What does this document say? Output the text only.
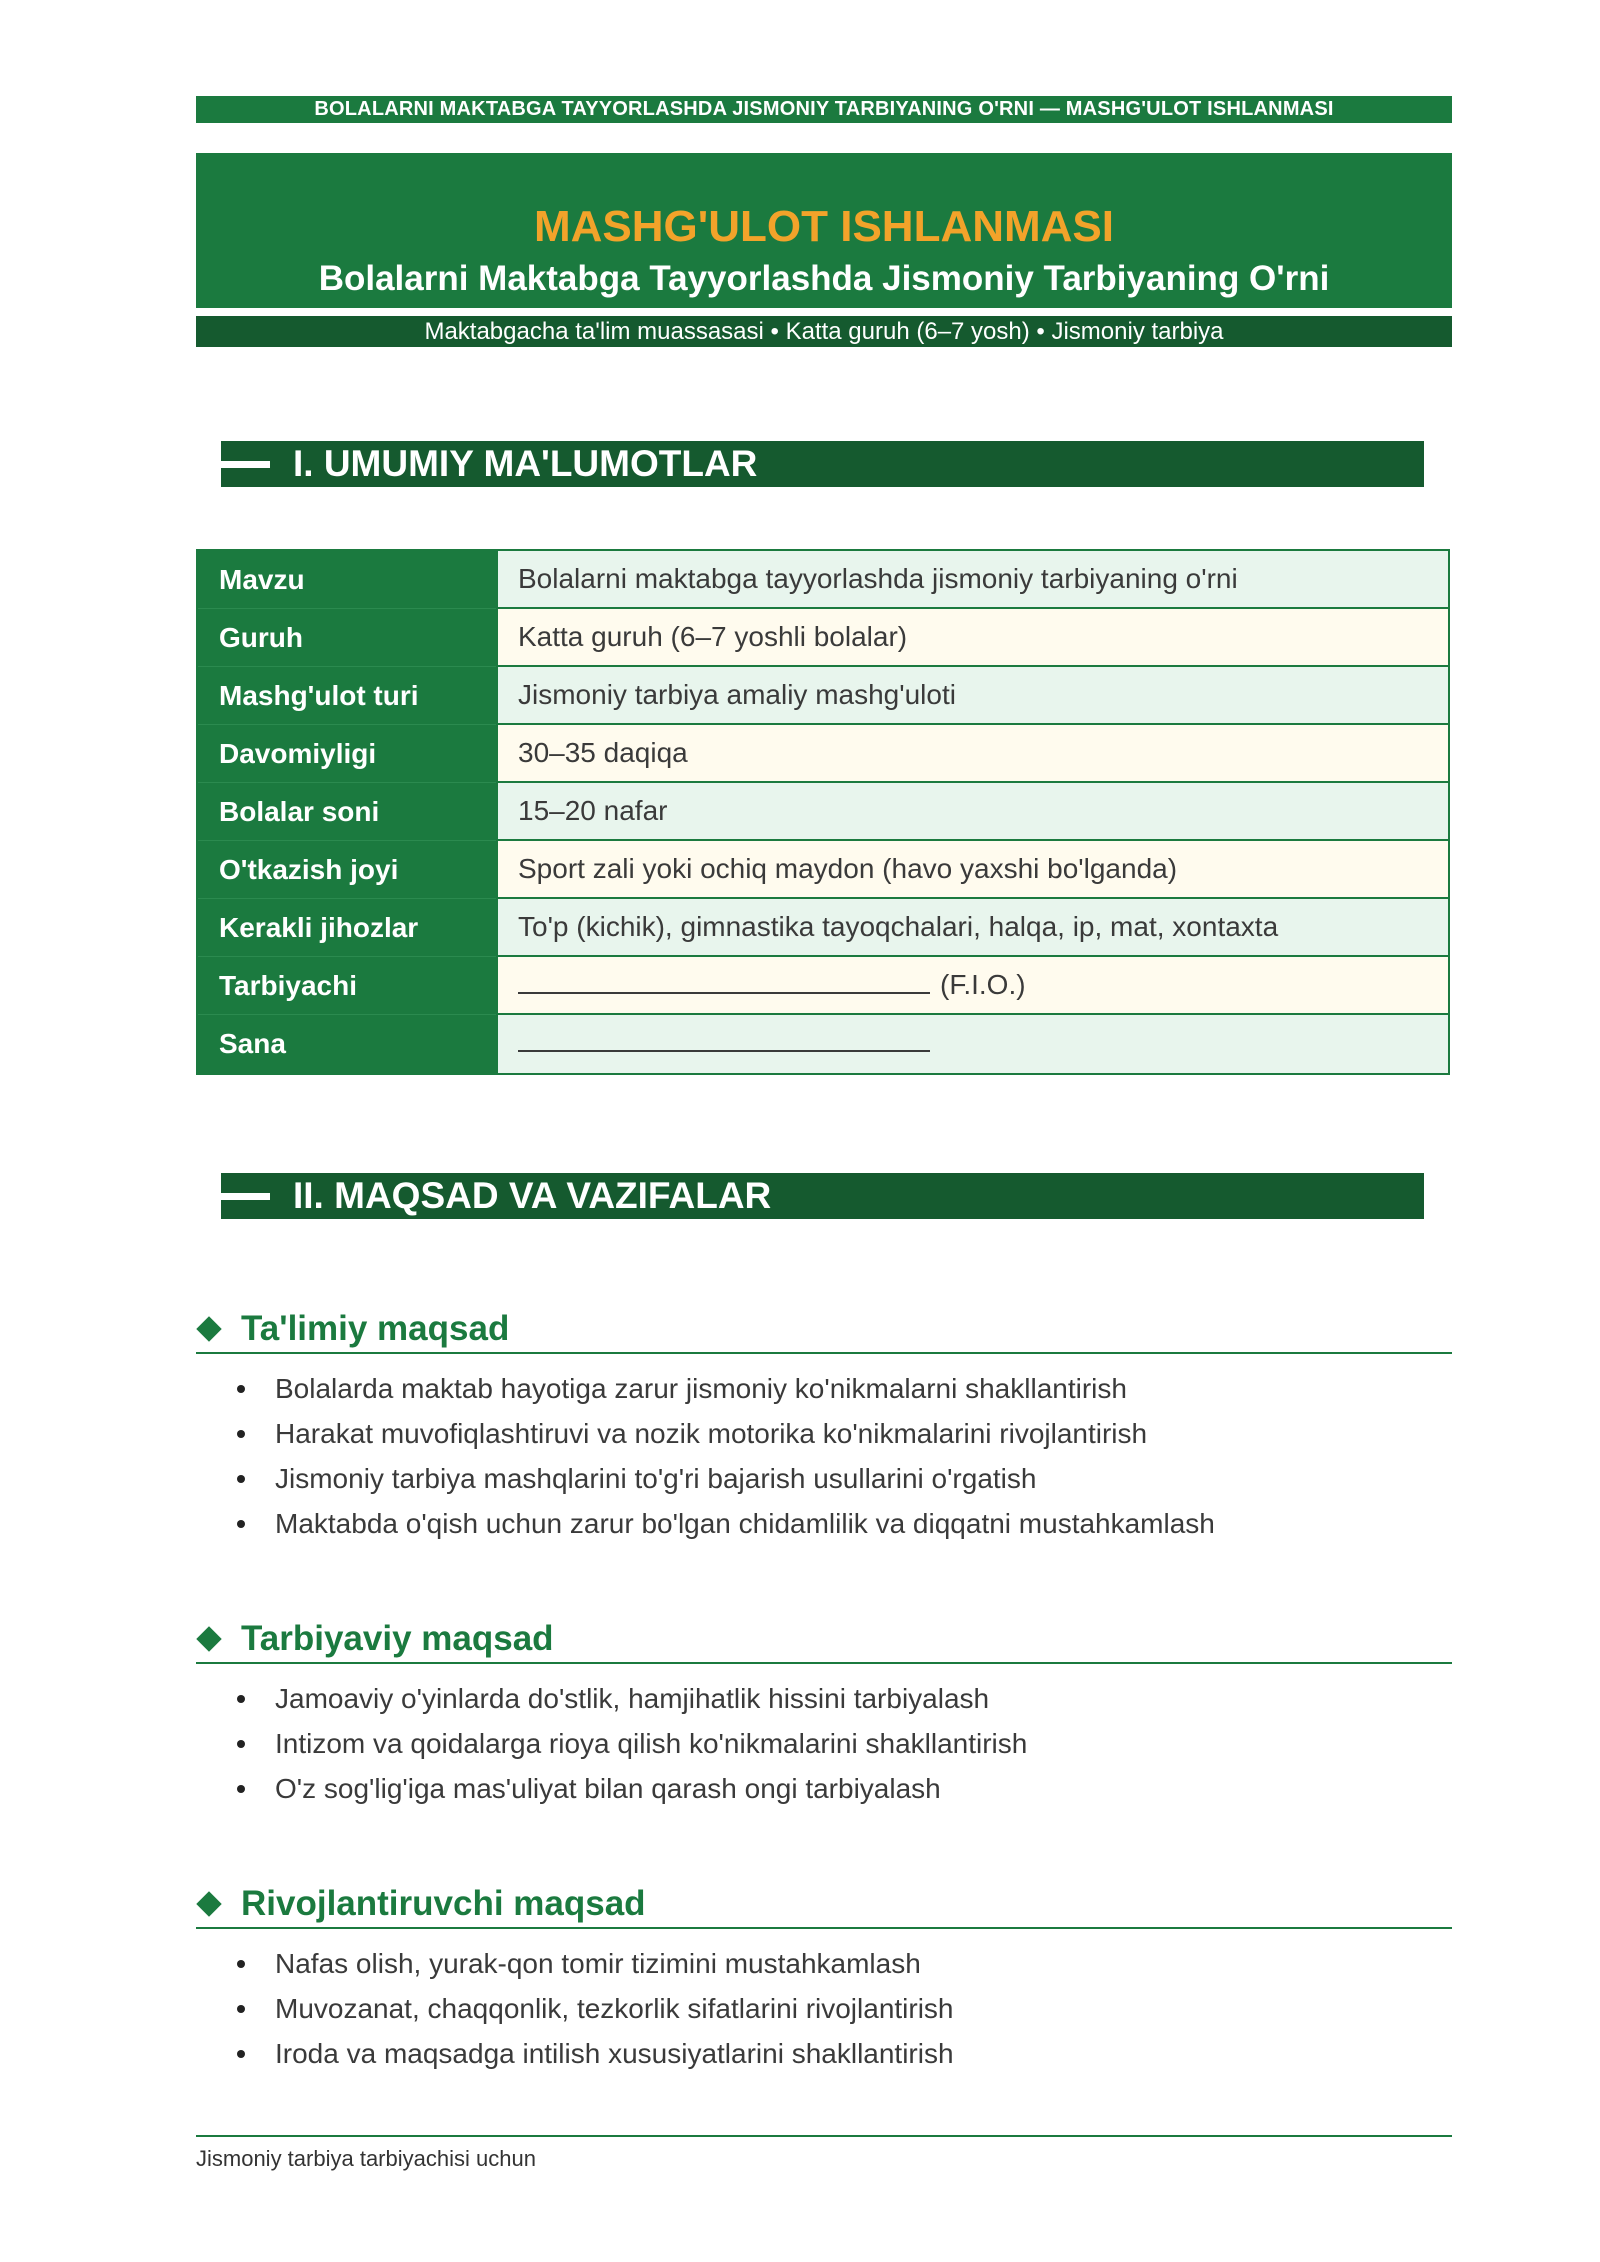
BOLALARNI MAKTABGA TAYYORLASHDA JISMONIY TARBIYANING O'RNI — MASHG'ULOT ISHLANMASI
MASHG'ULOT ISHLANMASI
Bolalarni Maktabga Tayyorlashda Jismoniy Tarbiyaning O'rni
Maktabgacha ta'lim muassasasi • Katta guruh (6–7 yosh) • Jismoniy tarbiya
I. UMUMIY MA'LUMOTLAR
Mavzu	Bolalarni maktabga tayyorlashda jismoniy tarbiyaning o'rni
Guruh	Katta guruh (6–7 yoshli bolalar)
Mashg'ulot turi	Jismoniy tarbiya amaliy mashg'uloti
Davomiyligi	30–35 daqiqa
Bolalar soni	15–20 nafar
O'tkazish joyi	Sport zali yoki ochiq maydon (havo yaxshi bo'lganda)
Kerakli jihozlar	To'p (kichik), gimnastika tayoqchalari, halqa, ip, mat, xontaxta
Tarbiyachi	(F.I.O.)
Sana
II. MAQSAD VA VAZIFALAR
Ta'limiy maqsad
Bolalarda maktab hayotiga zarur jismoniy ko'nikmalarni shakllantirish
Harakat muvofiqlashtiruvi va nozik motorika ko'nikmalarini rivojlantirish
Jismoniy tarbiya mashqlarini to'g'ri bajarish usullarini o'rgatish
Maktabda o'qish uchun zarur bo'lgan chidamlilik va diqqatni mustahkamlash
Tarbiyaviy maqsad
Jamoaviy o'yinlarda do'stlik, hamjihatlik hissini tarbiyalash
Intizom va qoidalarga rioya qilish ko'nikmalarini shakllantirish
O'z sog'lig'iga mas'uliyat bilan qarash ongi tarbiyalash
Rivojlantiruvchi maqsad
Nafas olish, yurak-qon tomir tizimini mustahkamlash
Muvozanat, chaqqonlik, tezkorlik sifatlarini rivojlantirish
Iroda va maqsadga intilish xususiyatlarini shakllantirish
Jismoniy tarbiya tarbiyachisi uchun
